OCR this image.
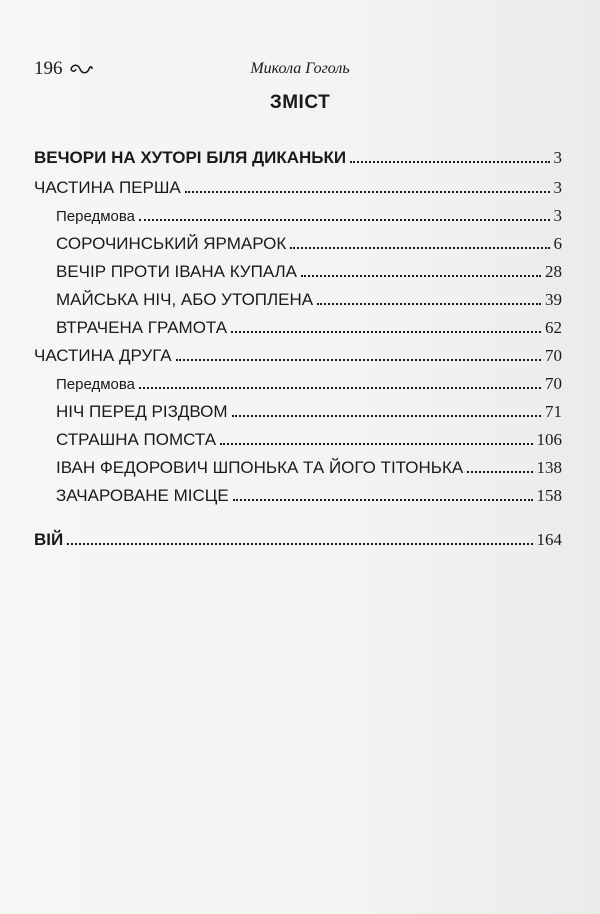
196	Микола Гоголь
ЗМІСТ
ВЕЧОРИ НА ХУТОРІ БІЛЯ ДИКАНЬКИ	3
ЧАСТИНА ПЕРША	3
Передмова	3
СОРОЧИНСЬКИЙ ЯРМАРОК	6
ВЕЧІР ПРОТИ ІВАНА КУПАЛА	28
МАЙСЬКА НІЧ, АБО УТОПЛЕНА	39
ВТРАЧЕНА ГРАМОТА	62
ЧАСТИНА ДРУГА	70
Передмова	70
НІЧ ПЕРЕД РІЗДВОМ	71
СТРАШНА ПОМСТА	106
ІВАН ФЕДОРОВИЧ ШПОНЬКА ТА ЙОГО ТІТОНЬКА	138
ЗАЧАРОВАНЕ МІСЦЕ	158
ВІЙ	164
